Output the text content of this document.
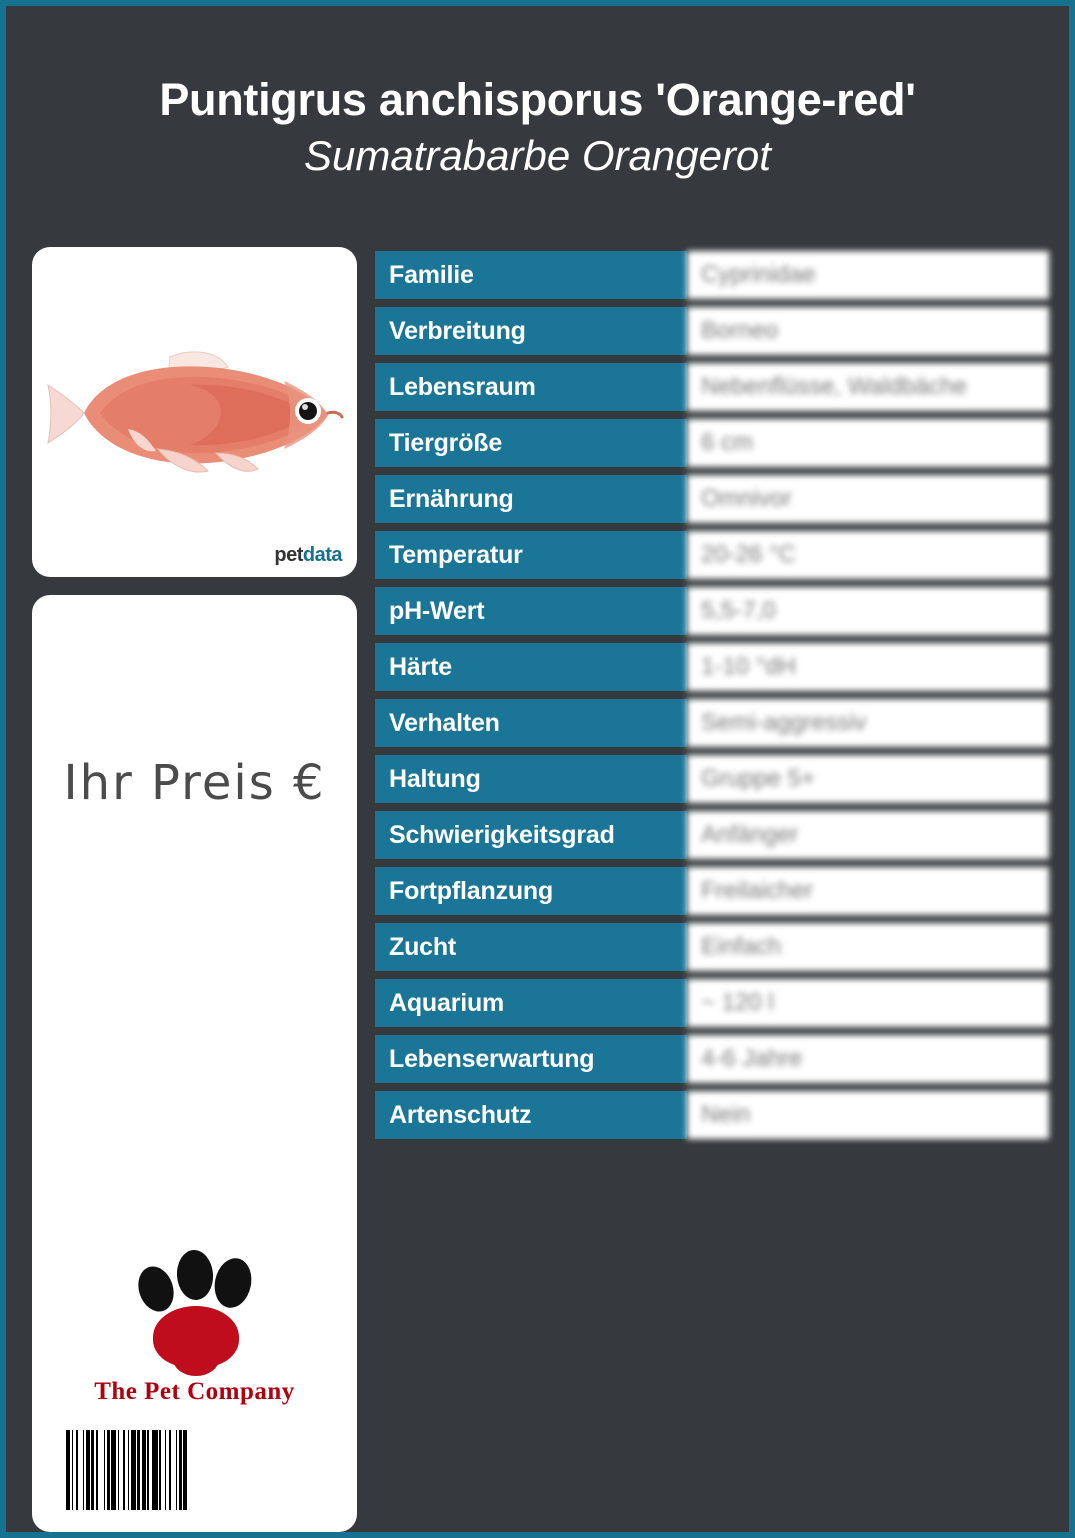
Puntigrus anchisporus 'Orange-red'
Sumatrabarbe Orangerot
petdata
Ihr Preis €
The Pet Company
Familie	Cyprinidae
Verbreitung	Borneo
Lebensraum	Nebenflüsse, Waldbäche
Tiergröße	6 cm
Ernährung	Omnivor
Temperatur	20-26 °C
pH-Wert	5,5-7,0
Härte	1-10 °dH
Verhalten	Semi-aggressiv
Haltung	Gruppe 5+
Schwierigkeitsgrad	Anfänger
Fortpflanzung	Freilaicher
Zucht	Einfach
Aquarium	~ 120 l
Lebenserwartung	4-6 Jahre
Artenschutz	Nein
